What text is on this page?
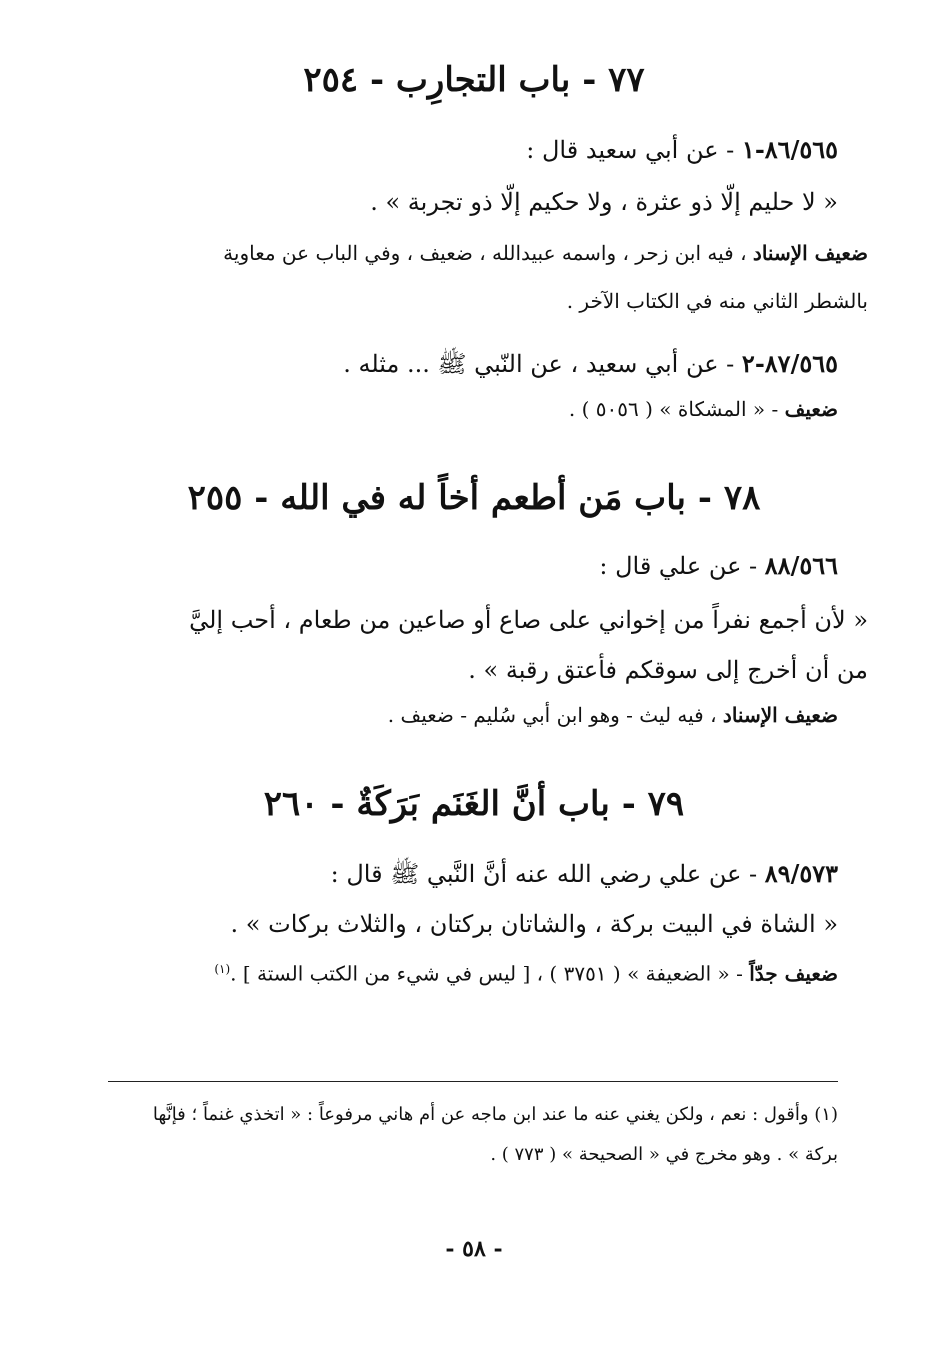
٧٧ - باب التجارِب - ٢٥٤

٨٦/٥٦٥-١ - عن أبي سعيد قال :

« لا حليم إلّا ذو عثرة ، ولا حكيم إلّا ذو تجربة » .

ضعيف الإسناد ، فيه ابن زحر ، واسمه عبيدالله ، ضعيف ، وفي الباب عن معاوية

بالشطر الثاني منه في الكتاب الآخر .

٨٧/٥٦٥-٢ - عن أبي سعيد ، عن النّبي ﷺ ... مثله .

ضعيف - « المشكاة » ( ٥٠٥٦ ) .

٧٨ - باب مَن أطعم أخاً له في الله - ٢٥٥

٨٨/٥٦٦ - عن علي قال :

« لأن أجمع نفراً من إخواني على صاع أو صاعين من طعام ، أحب إليَّ

من أن أخرج إلى سوقكم فأعتق رقبة » .

ضعيف الإسناد ، فيه ليث - وهو ابن أبي سُليم - ضعيف .

٧٩ - باب أنَّ الغَنَم بَرَكَةٌ - ٢٦٠

٨٩/٥٧٣ - عن علي رضي الله عنه أنَّ النَّبي ﷺ قال :

« الشاة في البيت بركة ، والشاتان بركتان ، والثلاث بركات » .

ضعيف جدّاً - « الضعيفة » ( ٣٧٥١ ) ، [ ليس في شيء من الكتب الستة ] .$^{(١)}$

(١) وأقول : نعم ، ولكن يغني عنه ما عند ابن ماجه عن أم هاني مرفوعاً : « اتخذي غنماً ؛ فإنَّها
بركة » . وهو مخرج في « الصحيحة » ( ٧٧٣ ) .
- ٥٨ -
